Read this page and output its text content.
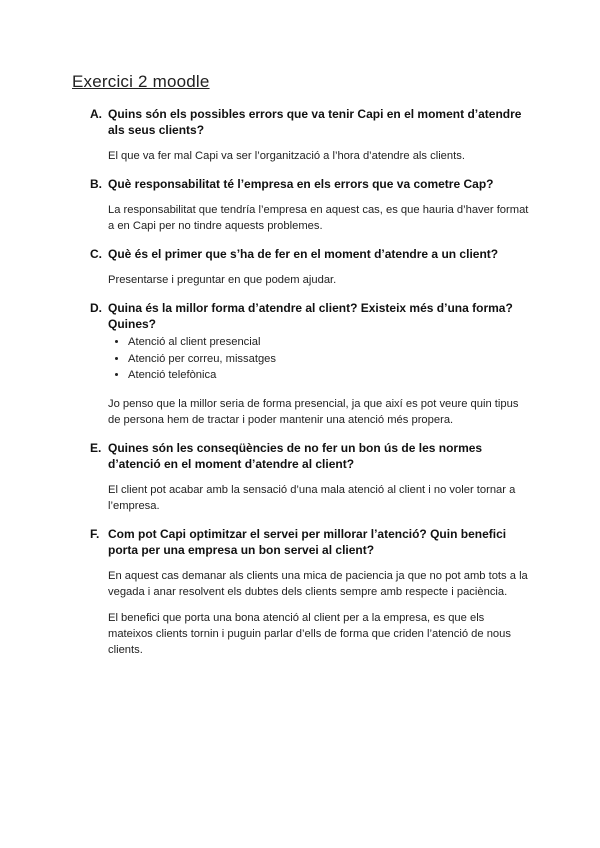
Exercici 2 moodle
A. Quins són els possibles errors que va tenir Capi en el moment d’atendre als seus clients?

El que va fer mal Capi va ser l’organització a l’hora d’atendre als clients.

B. Què responsabilitat té l’empresa en els errors que va cometre Cap?

La responsabilitat que tendría l’empresa en aquest cas, es que hauria d’haver format a en Capi per no tindre aquests problemes.

C. Què és el primer que s’ha de fer en el moment d’atendre a un client?

Presentarse i preguntar en que podem ajudar.

D. Quina és la millor forma d’atendre al client? Existeix més d’una forma? Quines?
• Atenció al client presencial
• Atenció per correu, missatges
• Atenció telefònica

Jo penso que la millor seria de forma presencial, ja que així es pot veure quin tipus de persona hem de tractar i poder mantenir una atenció més propera.

E. Quines són les conseqüències de no fer un bon ús de les normes d’atenció en el moment d’atendre al client?

El client pot acabar amb la sensació d’una mala atenció al client i no voler tornar a l’empresa.

F. Com pot Capi optimitzar el servei per millorar l’atenció? Quin benefici porta per una empresa un bon servei al client?

En aquest cas demanar als clients una mica de paciencia ja que no pot amb tots a la vegada i anar resolvent els dubtes dels clients sempre amb respecte i paciència.

El benefici que porta una bona atenció al client per a la empresa, es que els mateixos clients tornin i puguin parlar d’ells de forma que criden l’atenció de nous clients.
